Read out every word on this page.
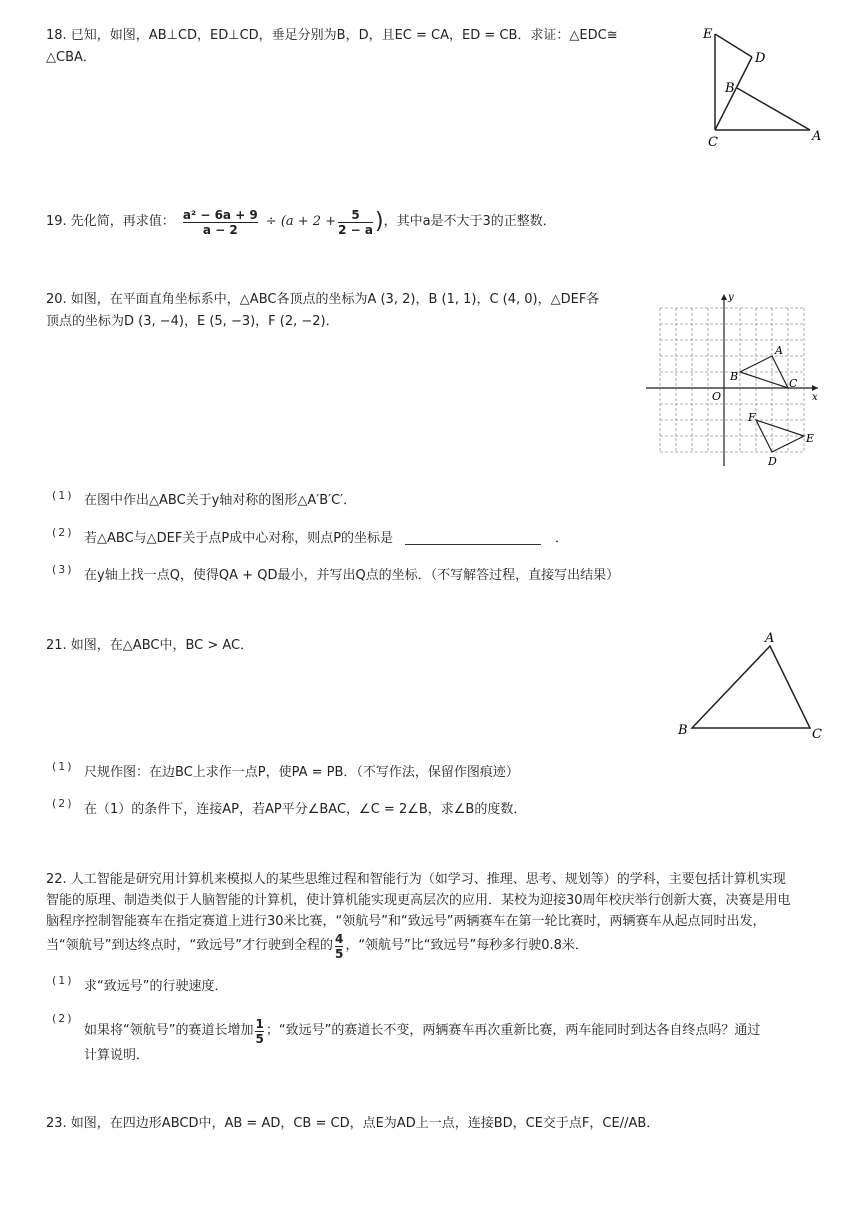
18. 已知，如图，AB⊥CD，ED⊥CD，垂足分别为B，D，且EC = CA，ED = CB．求证：△EDC≅
△CBA．
E
D
B
C	A
19. 先化简，再求值： $\frac{\text{a² − 6a + 9}}{a - 2} \div (a + 2 + \frac{5}{2 - a}$ ) ，其中a是不大于3的正整数．
20. 如图，在平面直角坐标系中，△ABC各顶点的坐标为A (3, 2)，B (1, 1)，C (4, 0)，△DEF各
顶点的坐标为D (3, −4)，E (5, −3)，F (2, −2)．
y
x
O
A
B
C
D
E
F
(1) 在图中作出△ABC关于y轴对称的图形△A′B′C′．
(2) 若△ABC与△DEF关于点P成中心对称，则点P的坐标是	．
(3) 在y轴上找一点Q，使得QA + QD最小，并写出Q点的坐标．（不写解答过程，直接写出结果）
21. 如图，在△ABC中，BC > AC．	A
B	C
(1) 尺规作图：在边BC上求作一点P，使PA = PB．（不写作法，保留作图痕迹）
(2) 在（1）的条件下，连接AP，若AP平分∠BAC，∠C = 2∠B，求∠B的度数．
22. 人工智能是研究用计算机来模拟人的某些思维过程和智能行为（如学习、推理、思考、规划等）的学科，主要包括计算机实现
智能的原理、制造类似于人脑智能的计算机，使计算机能实现更高层次的应用．某校为迎接30周年校庆举行创新大赛，决赛是用电
脑程序控制智能赛车在指定赛道上进行30米比赛，“领航号”和“致远号”两辆赛车在第一轮比赛时，两辆赛车从起点同时出发，
当“领航号”到达终点时，“致远号”才行驶到全程的 $\frac{4}{5}$ ，“领航号”比“致远号”每秒多行驶0.8米．
(1) 求“致远号”的行驶速度．
(2)
如果将“领航号”的赛道长增加 $\frac{1}{5}$ ；“致远号”的赛道长不变，两辆赛车再次重新比赛，两车能同时到达各自终点吗？通过
计算说明．
23. 如图，在四边形ABCD中，AB = AD，CB = CD，点E为AD上一点，连接BD，CE交于点F，CE//AB．
